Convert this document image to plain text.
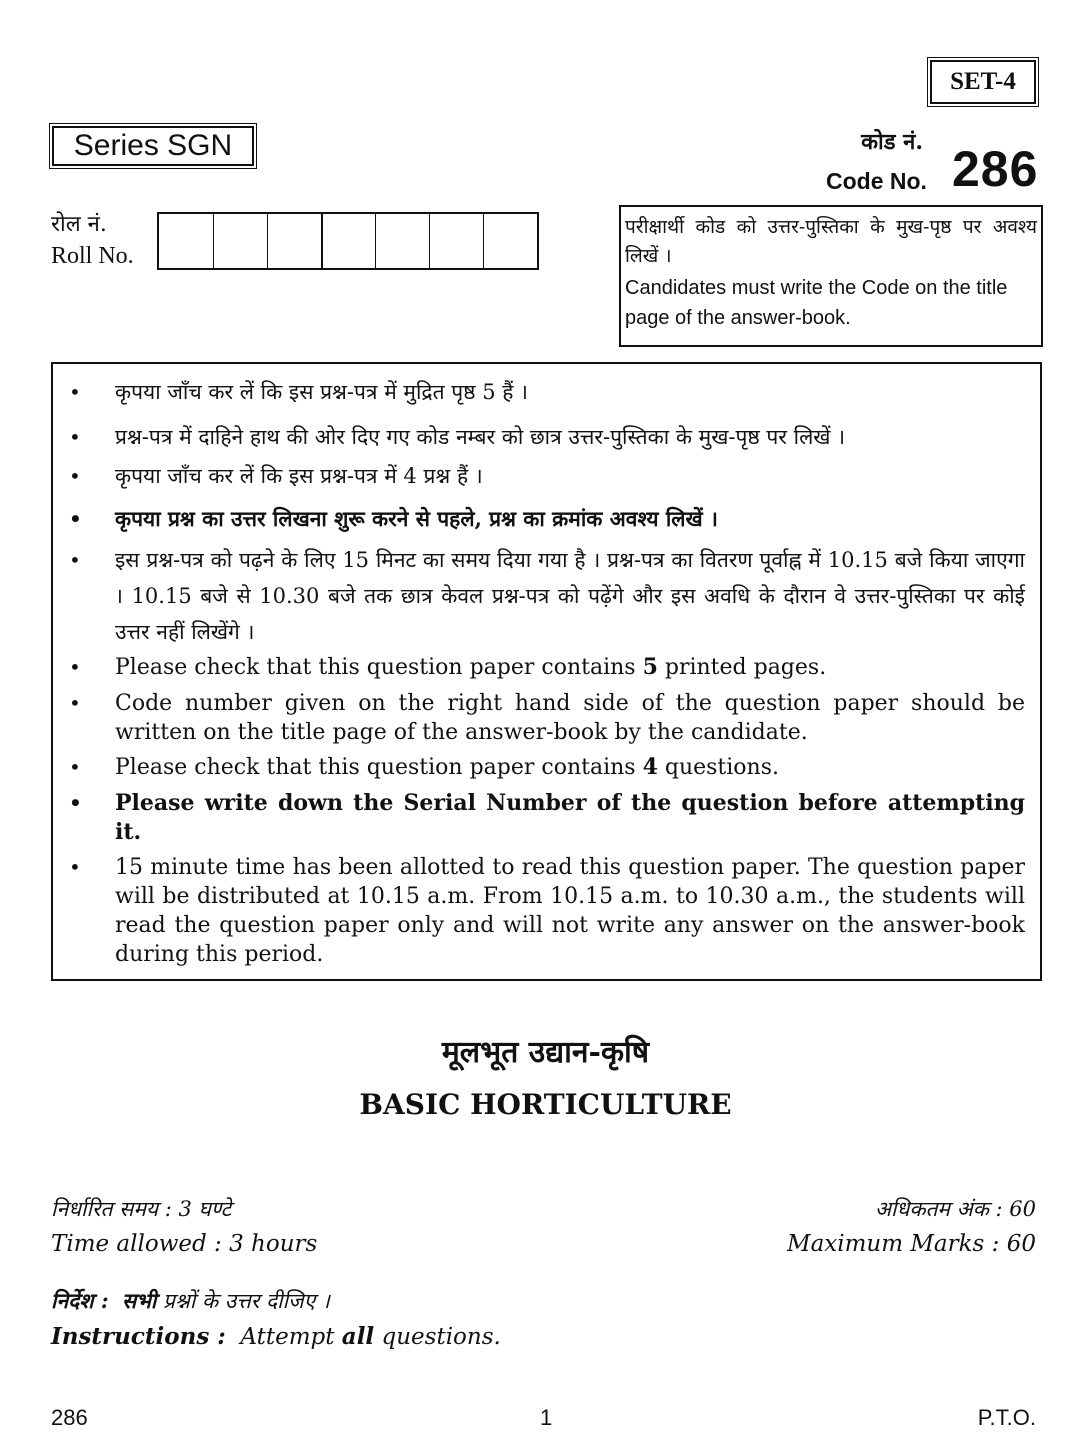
SET-4
Series SGN	कोड नं.
Code No. 286
रोल नं.
Roll No.
परीक्षार्थी कोड को उत्तर-पुस्तिका के मुख-पृष्ठ पर अवश्य लिखें ।
Candidates must write the Code on the title page of the answer-book.
• कृपया जाँच कर लें कि इस प्रश्न-पत्र में मुद्रित पृष्ठ 5 हैं ।
• प्रश्न-पत्र में दाहिने हाथ की ओर दिए गए कोड नम्बर को छात्र उत्तर-पुस्तिका के मुख-पृष्ठ पर लिखें ।
• कृपया जाँच कर लें कि इस प्रश्न-पत्र में 4 प्रश्न हैं ।
• कृपया प्रश्न का उत्तर लिखना शुरू करने से पहले, प्रश्न का क्रमांक अवश्य लिखें ।
• इस प्रश्न-पत्र को पढ़ने के लिए 15 मिनट का समय दिया गया है । प्रश्न-पत्र का वितरण पूर्वाह्न में 10.15 बजे किया जाएगा । 10.15 बजे से 10.30 बजे तक छात्र केवल प्रश्न-पत्र को पढ़ेंगे और इस अवधि के दौरान वे उत्तर-पुस्तिका पर कोई उत्तर नहीं लिखेंगे ।
• Please check that this question paper contains 5 printed pages.
• Code number given on the right hand side of the question paper should be written on the title page of the answer-book by the candidate.
• Please check that this question paper contains 4 questions.
• Please write down the Serial Number of the question before attempting it.
• 15 minute time has been allotted to read this question paper. The question paper will be distributed at 10.15 a.m. From 10.15 a.m. to 10.30 a.m., the students will read the question paper only and will not write any answer on the answer-book during this period.
मूलभूत उद्यान-कृषि
BASIC HORTICULTURE
निर्धारित समय : 3 घण्टे
Time allowed : 3 hours
अधिकतम अंक : 60
Maximum Marks : 60
निर्देश : सभी प्रश्नों के उत्तर दीजिए ।
Instructions : Attempt all questions.
286	1	P.T.O.
